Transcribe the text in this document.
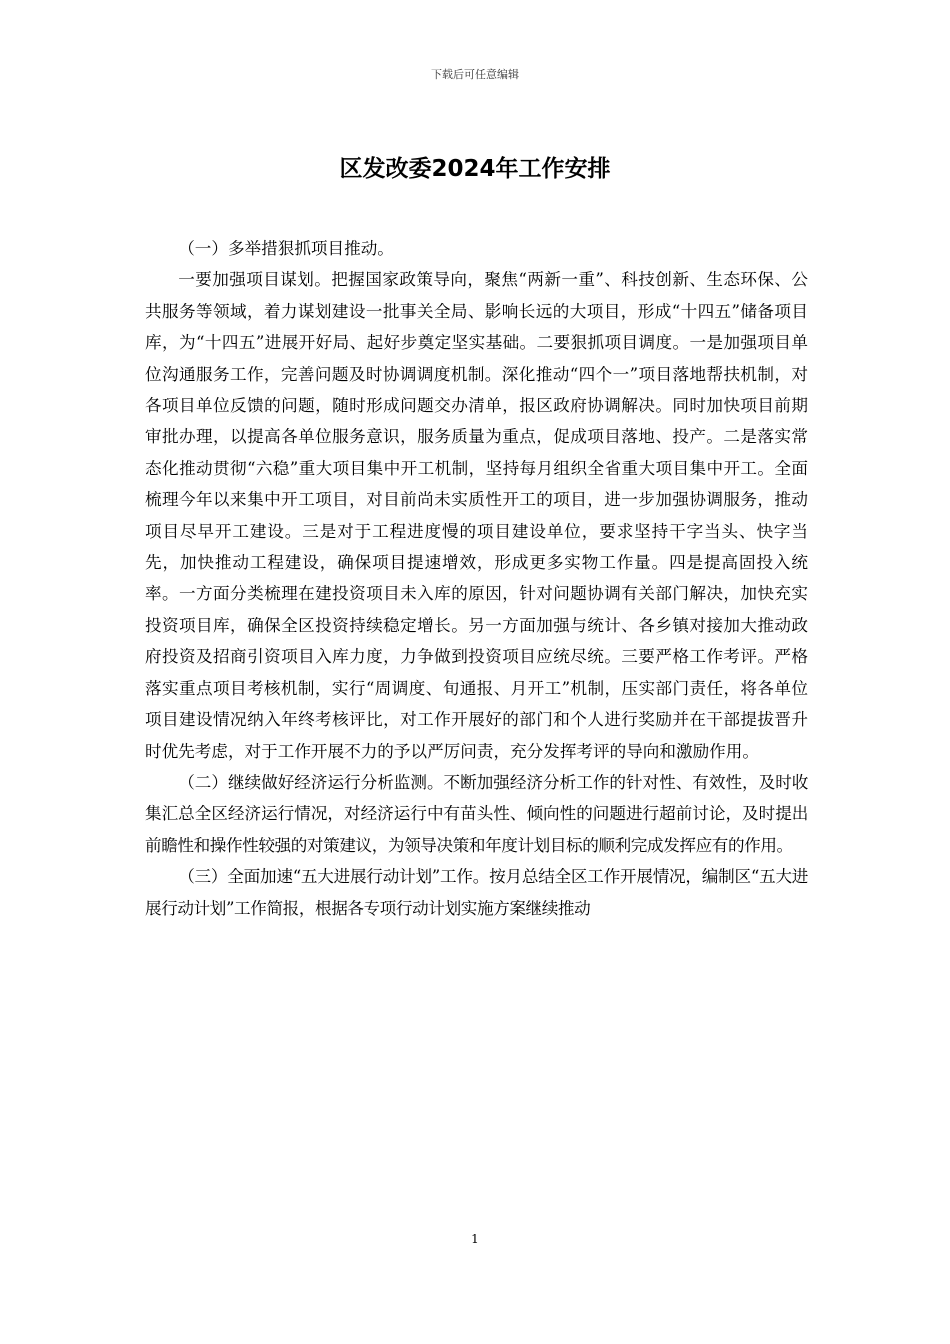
下载后可任意编辑
区发改委2024年工作安排

（一）多举措狠抓项目推动。

一要加强项目谋划。把握国家政策导向，聚焦“两新一重”、科技创新、生态环保、公共服务等领域，着力谋划建设一批事关全局、影响长远的大项目，形成“十四五”储备项目库，为“十四五”进展开好局、起好步奠定坚实基础。二要狠抓项目调度。一是加强项目单位沟通服务工作，完善问题及时协调调度机制。深化推动“四个一”项目落地帮扶机制，对各项目单位反馈的问题，随时形成问题交办清单，报区政府协调解决。同时加快项目前期审批办理，以提高各单位服务意识，服务质量为重点，促成项目落地、投产。二是落实常态化推动贯彻“六稳”重大项目集中开工机制，坚持每月组织全省重大项目集中开工。全面梳理今年以来集中开工项目，对目前尚未实质性开工的项目，进一步加强协调服务，推动项目尽早开工建设。三是对于工程进度慢的项目建设单位，要求坚持干字当头、快字当先，加快推动工程建设，确保项目提速增效，形成更多实物工作量。四是提高固投入统率。一方面分类梳理在建投资项目未入库的原因，针对问题协调有关部门解决，加快充实投资项目库，确保全区投资持续稳定增长。另一方面加强与统计、各乡镇对接加大推动政府投资及招商引资项目入库力度，力争做到投资项目应统尽统。三要严格工作考评。严格落实重点项目考核机制，实行“周调度、旬通报、月开工”机制，压实部门责任，将各单位项目建设情况纳入年终考核评比，对工作开展好的部门和个人进行奖励并在干部提拔晋升时优先考虑，对于工作开展不力的予以严厉问责，充分发挥考评的导向和激励作用。

（二）继续做好经济运行分析监测。不断加强经济分析工作的针对性、有效性，及时收集汇总全区经济运行情况，对经济运行中有苗头性、倾向性的问题进行超前讨论，及时提出前瞻性和操作性较强的对策建议，为领导决策和年度计划目标的顺利完成发挥应有的作用。

（三）全面加速“五大进展行动计划”工作。按月总结全区工作开展情况，编制区“五大进展行动计划”工作简报，根据各专项行动计划实施方案继续推动

1
